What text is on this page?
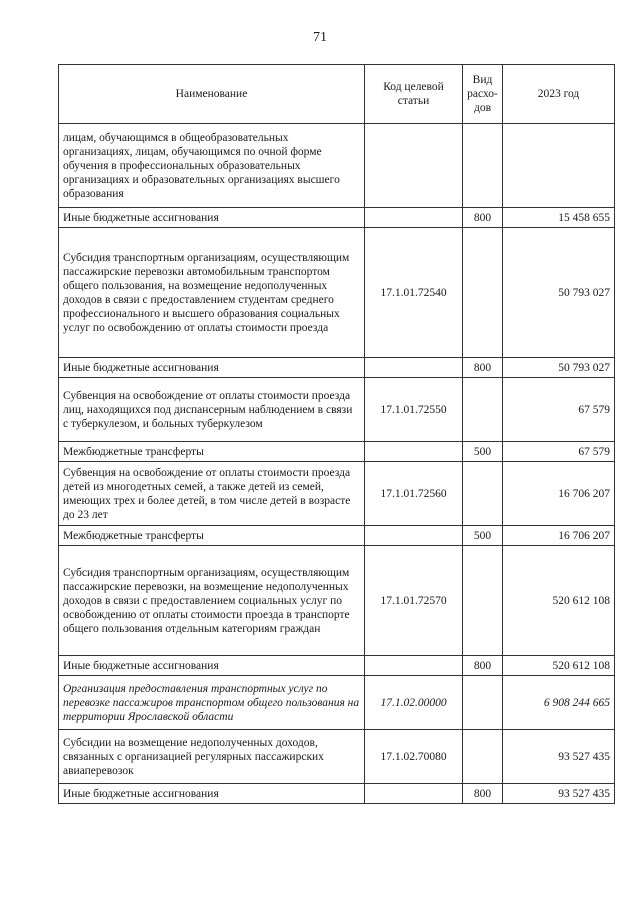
71
Наименование	Код целевой статьи	Вид расхо-дов	2023 год
лицам, обучающимся в общеобразовательных организациях, лицам, обучающимся по очной форме обучения в профессиональных образовательных организациях и образовательных организациях высшего образования			
Иные бюджетные ассигнования		800	15 458 655
Субсидия транспортным организациям, осуществляющим пассажирские перевозки автомобильным транспортом общего пользования, на возмещение недополученных доходов в связи с предоставлением студентам среднего профессионального и высшего образования социальных услуг по освобождению от оплаты стоимости проезда	17.1.01.72540		50 793 027
Иные бюджетные ассигнования		800	50 793 027
Субвенция на освобождение от оплаты стоимости проезда лиц, находящихся под диспансерным наблюдением в связи с туберкулезом, и больных туберкулезом	17.1.01.72550		67 579
Межбюджетные трансферты		500	67 579
Субвенция на освобождение от оплаты стоимости проезда детей из многодетных семей, а также детей из семей, имеющих трех и более детей, в том числе детей в возрасте до 23 лет	17.1.01.72560		16 706 207
Межбюджетные трансферты		500	16 706 207
Субсидия транспортным организациям, осуществляющим пассажирские перевозки, на возмещение недополученных доходов в связи с предоставлением социальных услуг по освобождению от оплаты стоимости проезда в транспорте общего пользования отдельным категориям граждан	17.1.01.72570		520 612 108
Иные бюджетные ассигнования		800	520 612 108
Организация предоставления транспортных услуг по перевозке пассажиров транспортом общего пользования на территории Ярославской области	17.1.02.00000		6 908 244 665
Субсидии на возмещение недополученных доходов, связанных с организацией регулярных пассажирских авиаперевозок	17.1.02.70080		93 527 435
Иные бюджетные ассигнования		800	93 527 435
